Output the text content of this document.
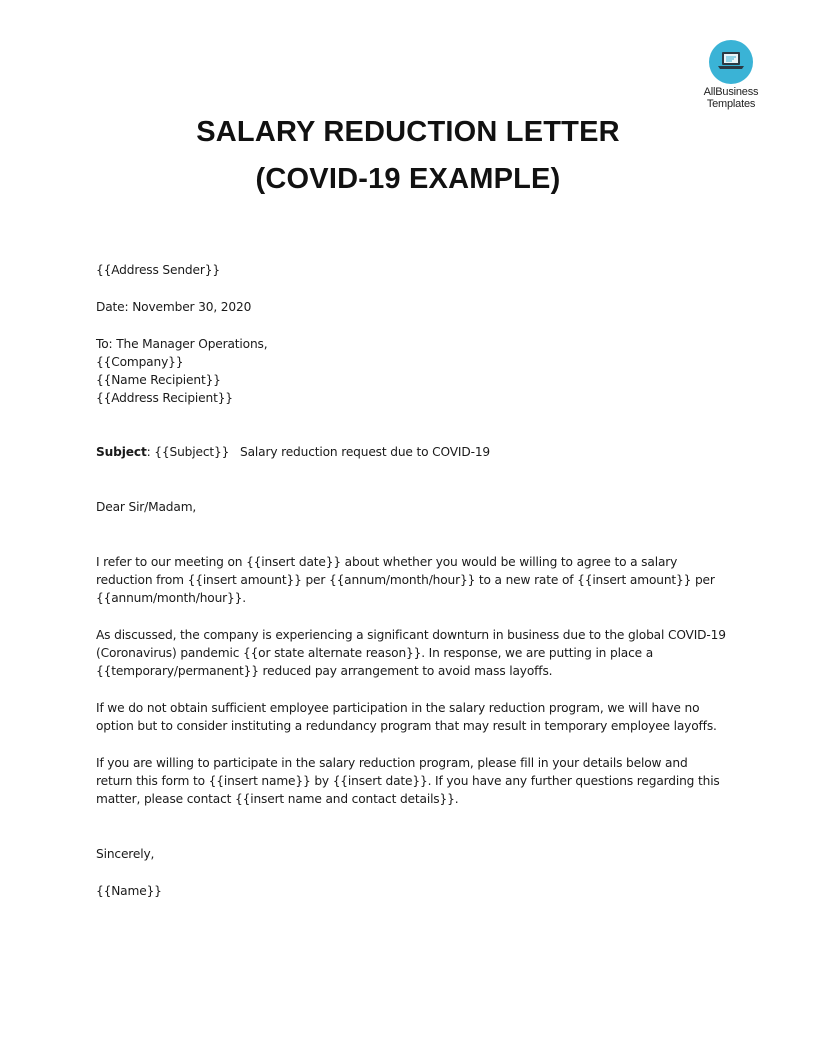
AllBusiness
Templates
SALARY REDUCTION LETTER
(COVID-19 EXAMPLE)
{{Address Sender}}
Date: November 30, 2020
To: The Manager Operations,
{{Company}}
{{Name Recipient}}
{{Address Recipient}}
Subject: {{Subject}} Salary reduction request due to COVID-19
Dear Sir/Madam,
I refer to our meeting on {{insert date}} about whether you would be willing to agree to a salary
reduction from {{insert amount}} per {{annum/month/hour}} to a new rate of {{insert amount}} per
{{annum/month/hour}}.
As discussed, the company is experiencing a significant downturn in business due to the global COVID-19
(Coronavirus) pandemic {{or state alternate reason}}. In response, we are putting in place a
{{temporary/permanent}} reduced pay arrangement to avoid mass layoffs.
If we do not obtain sufficient employee participation in the salary reduction program, we will have no
option but to consider instituting a redundancy program that may result in temporary employee layoffs.
If you are willing to participate in the salary reduction program, please fill in your details below and
return this form to {{insert name}} by {{insert date}}. If you have any further questions regarding this
matter, please contact {{insert name and contact details}}.
Sincerely,
{{Name}}
